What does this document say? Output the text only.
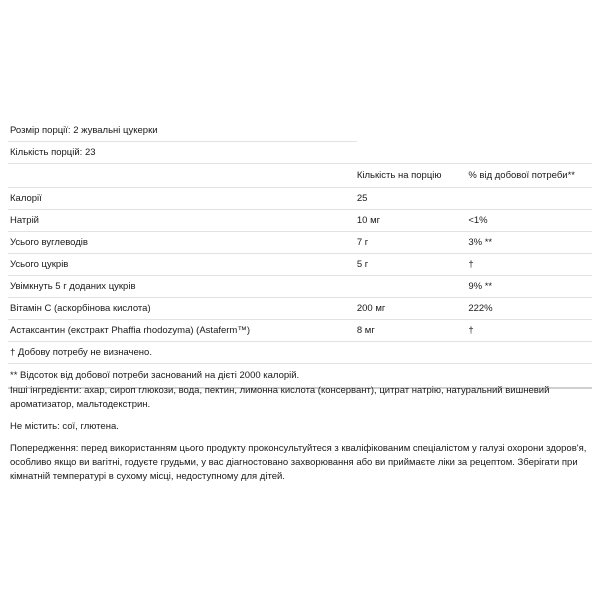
Розмір порції: 2 жувальні цукерки		
Кількість порцій: 23		
	Кількість на порцію	% від добової потреби**
Калорії	25	
Натрій	10 мг	<1%
Усього вуглеводів	7 г	3% **
Усього цукрів	5 г	†
Увімкнуть 5 г доданих цукрів		9% **
Вітамін С (аскорбінова кислота)	200 мг	222%
Астаксантин (екстракт Phaffia rhodozyma) (Astaferm™)	8 мг	†
† Добову потребу не визначено.		
** Відсоток від добової потреби заснований на дієті 2000 калорій.		

Інші інгредієнти: ахар, сироп глюкози, вода, пектин, лимонна кислота (консервант), цитрат натрію, натуральний вишневий ароматизатор, мальтодекстрин.

Не містить: сої, глютена.

Попередження: перед використанням цього продукту проконсультуйтеся з кваліфікованим спеціалістом у галузі охорони здоров'я, особливо якщо ви вагітні, годуєте грудьми, у вас діагностовано захворювання або ви приймаєте ліки за рецептом. Зберігати при кімнатній температурі в сухому місці, недоступному для дітей.
